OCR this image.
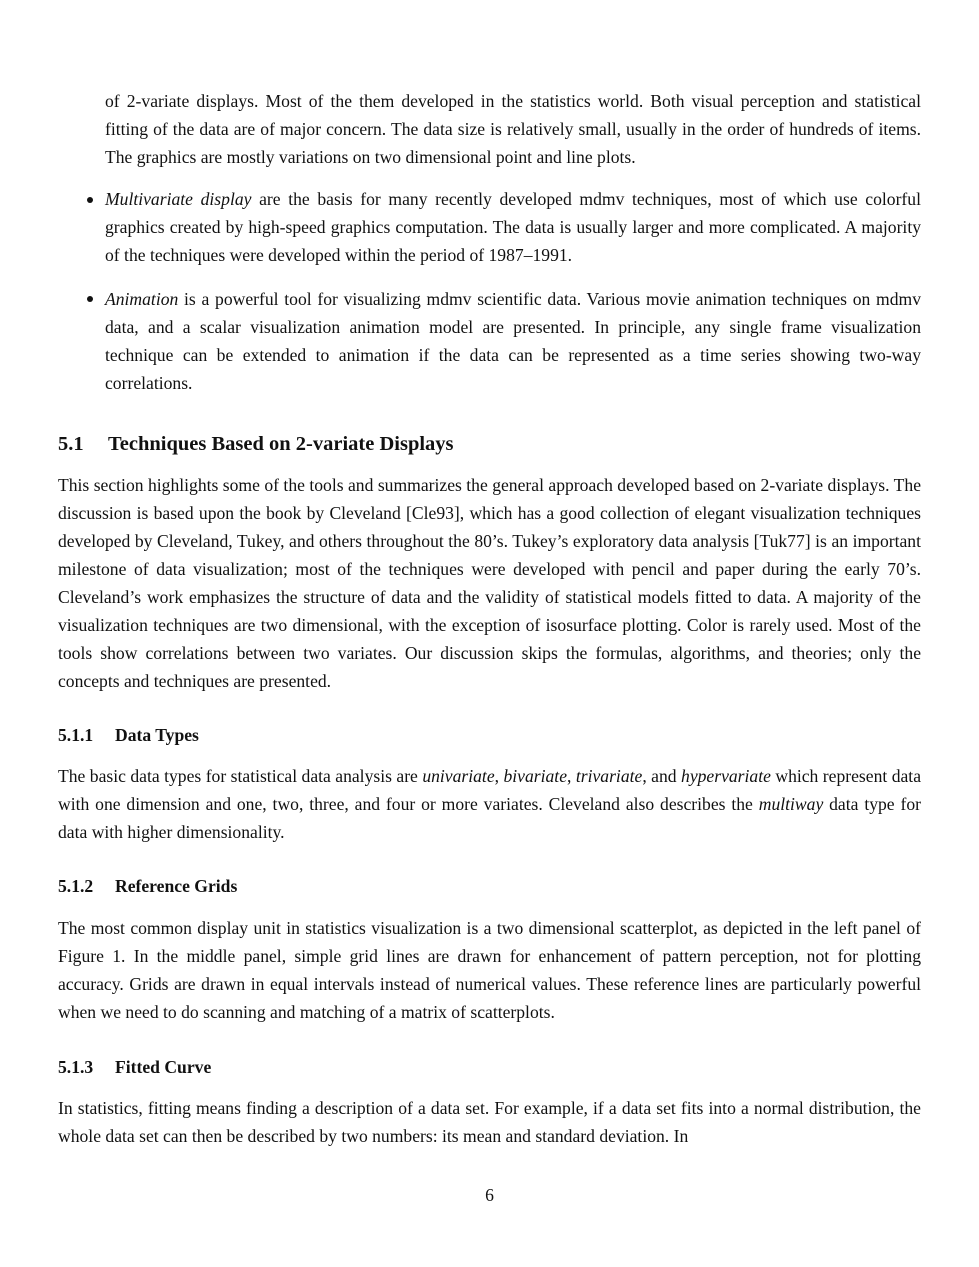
of 2-variate displays. Most of the them developed in the statistics world. Both visual perception and statistical fitting of the data are of major concern. The data size is relatively small, usually in the order of hundreds of items. The graphics are mostly variations on two dimensional point and line plots.

Multivariate display are the basis for many recently developed mdmv techniques, most of which use colorful graphics created by high-speed graphics computation. The data is usually larger and more complicated. A majority of the techniques were developed within the period of 1987–1991.

Animation is a powerful tool for visualizing mdmv scientific data. Various movie animation techniques on mdmv data, and a scalar visualization animation model are presented. In principle, any single frame visualization technique can be extended to animation if the data can be represented as a time series showing two-way correlations.

5.1 Techniques Based on 2-variate Displays

This section highlights some of the tools and summarizes the general approach developed based on 2-variate displays. The discussion is based upon the book by Cleveland [Cle93], which has a good collection of elegant visualization techniques developed by Cleveland, Tukey, and others throughout the 80’s. Tukey’s exploratory data analysis [Tuk77] is an important milestone of data visualization; most of the techniques were developed with pencil and paper during the early 70’s. Cleveland’s work emphasizes the structure of data and the validity of statistical models fitted to data. A majority of the visualization techniques are two dimensional, with the exception of isosurface plotting. Color is rarely used. Most of the tools show correlations between two variates. Our discussion skips the formulas, algorithms, and theories; only the concepts and techniques are presented.

5.1.1 Data Types

The basic data types for statistical data analysis are univariate, bivariate, trivariate, and hypervariate which represent data with one dimension and one, two, three, and four or more variates. Cleveland also describes the multiway data type for data with higher dimensionality.

5.1.2 Reference Grids

The most common display unit in statistics visualization is a two dimensional scatterplot, as depicted in the left panel of Figure 1. In the middle panel, simple grid lines are drawn for enhancement of pattern perception, not for plotting accuracy. Grids are drawn in equal intervals instead of numerical values. These reference lines are particularly powerful when we need to do scanning and matching of a matrix of scatterplots.

5.1.3 Fitted Curve

In statistics, fitting means finding a description of a data set. For example, if a data set fits into a normal distribution, the whole data set can then be described by two numbers: its mean and standard deviation. In

6
